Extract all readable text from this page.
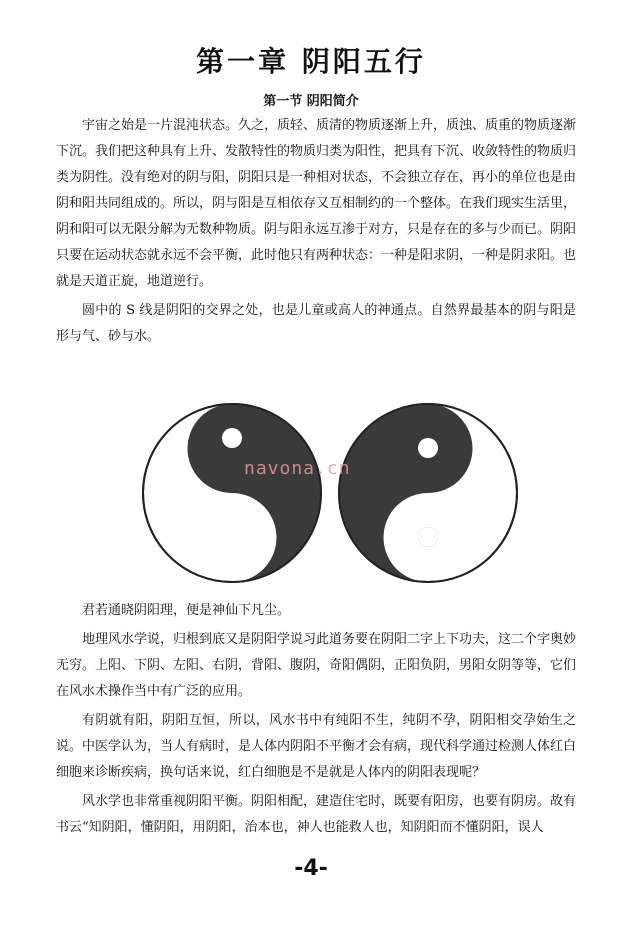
第一章 阴阳五行
第一节 阴阳简介

宇宙之始是一片混沌状态。久之，质轻、质清的物质逐渐上升，质浊、质重的物质逐渐下沉。我们把这种具有上升、发散特性的物质归类为阳性，把具有下沉、收敛特性的物质归类为阴性。没有绝对的阴与阳，阴阳只是一种相对状态，不会独立存在，再小的单位也是由阴和阳共同组成的。所以，阴与阳是互相依存又互相制约的一个整体。在我们现实生活里，阴和阳可以无限分解为无数种物质。阴与阳永远互渗于对方，只是存在的多与少而已。阴阳只要在运动状态就永远不会平衡，此时他只有两种状态：一种是阳求阴，一种是阴求阳。也就是天道正旋，地道逆行。

圆中的 S 线是阴阳的交界之处，也是儿童或高人的神通点。自然界最基本的阴与阳是形与气、砂与水。

navona.cn

君若通晓阴阳理，便是神仙下凡尘。

地理风水学说，归根到底又是阴阳学说习此道务要在阴阳二字上下功夫，这二个字奥妙无穷。上阳、下阴、左阳、右阴，背阳、腹阴，奇阳偶阴，正阳负阴，男阳女阴等等，它们在风水术操作当中有广泛的应用。

有阴就有阳，阴阳互恒，所以，风水书中有纯阳不生，纯阴不孕，阴阳相交孕始生之说。中医学认为，当人有病时，是人体内阴阳不平衡才会有病，现代科学通过检测人体红白细胞来诊断疾病，换句话来说，红白细胞是不是就是人体内的阴阳表现呢？

风水学也非常重视阴阳平衡。阴阳相配，建造住宅时，既要有阳房，也要有阴房。故有书云“知阴阳，懂阴阳，用阴阳，治本也，神人也能救人也，知阴阳而不懂阴阳，误人

-4-
